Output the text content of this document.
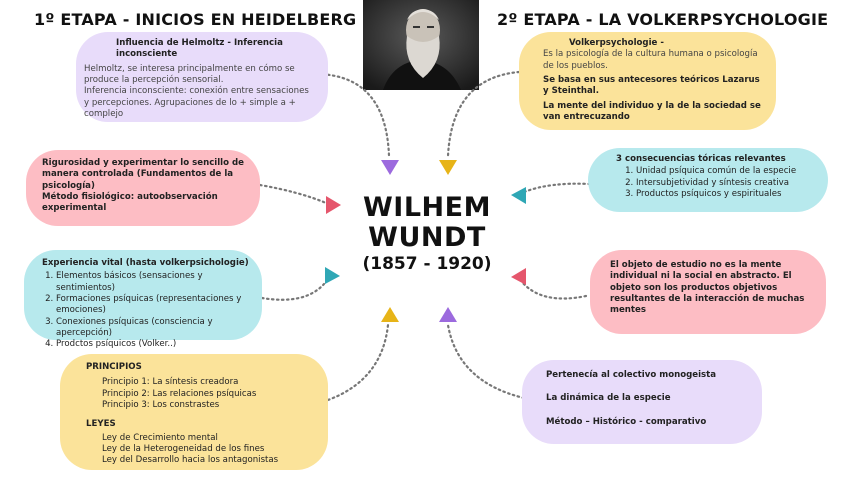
1º ETAPA - INICIOS EN HEIDELBERG	2º ETAPA - LA VOLKERPSYCHOLOGIE
WILHEM
WUNDT
(1857 - 1920)
Influencia de Helmoltz - Inferencia inconsciente
Helmoltz, se interesa principalmente en cómo se produce la percepción sensorial.
Inferencia inconsciente: conexión entre sensaciones y percepciones. Agrupaciones de lo + simple a + complejo
Rigurosidad y experimentar lo sencillo de manera controlada (Fundamentos de la psicología)
Método fisiológico: autoobservación experimental
Experiencia vital (hasta volkerpsichologie)
1. Elementos básicos (sensaciones y sentimientos)
2. Formaciones psíquicas (representaciones y emociones)
3. Conexiones psíquicas (consciencia y apercepción)
4. Prodctos psíquicos (Volker..)
PRINCIPIOS
Principio 1: La síntesis creadora
Principio 2: Las relaciones psíquicas
Principio 3: Los constrastes
LEYES
Ley de Crecimiento mental
Ley de la Heterogeneidad de los fines
Ley del Desarrollo hacia los antagonistas
Volkerpsychologie -
Es la psicología de la cultura humana o psicología de los pueblos.
Se basa en sus antecesores teóricos Lazarus y Steinthal.
La mente del individuo y la de la sociedad se van entrecuzando
3 consecuencias tóricas relevantes
1. Unidad psíquica común de la especie
2. Intersubjetividad y síntesis creativa
3. Productos psíquicos y espirituales
El objeto de estudio no es la mente individual ni la social en abstracto. El objeto son los productos objetivos resultantes de la interacción de muchas mentes
Pertenecía al colectivo monogeista
La dinámica de la especie
Método – Histórico - comparativo
